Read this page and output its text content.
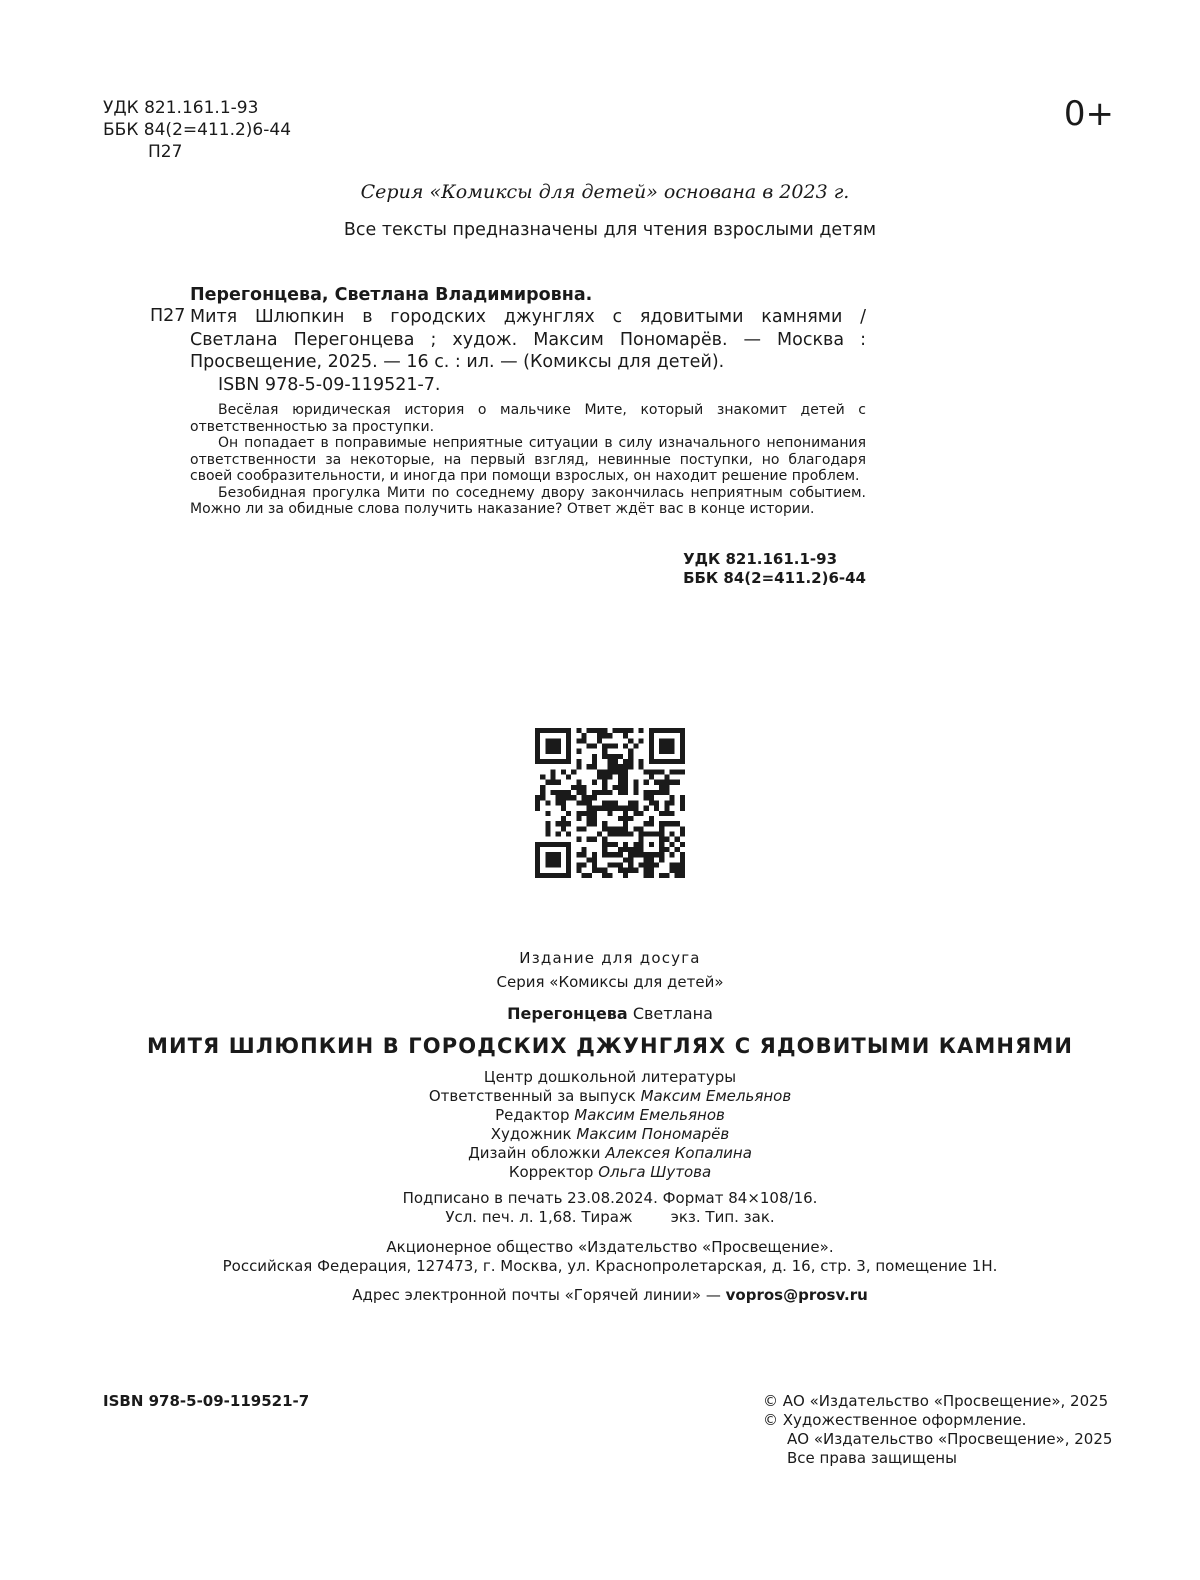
УДК 821.161.1-93
ББК 84(2=411.2)6-44
П27
0+
Серия «Комиксы для детей» основана в 2023 г.
Все тексты предназначены для чтения взрослыми детям
Перегонцева, Светлана Владимировна.
П27 Митя Шлюпкин в городских джунглях с ядовитыми камнями /
Светлана Перегонцева ; худож. Максим Пономарёв. — Москва :
Просвещение, 2025. — 16 с. : ил. — (Комиксы для детей).
ISBN 978-5-09-119521-7.

Весёлая юридическая история о мальчике Мите, который знакомит детей с ответственностью за проступки.

Он попадает в поправимые неприятные ситуации в силу изначального непонимания ответственности за некоторые, на первый взгляд, невинные поступки, но благодаря своей сообразительности, и иногда при помощи взрослых, он находит решение проблем.

Безобидная прогулка Мити по соседнему двору закончилась неприятным событием. Можно ли за обидные слова получить наказание? Ответ ждёт вас в конце истории.

УДК 821.161.1-93
ББК 84(2=411.2)6-44
Издание для досуга
Серия «Комиксы для детей»
Перегонцева Светлана
МИТЯ ШЛЮПКИН В ГОРОДСКИХ ДЖУНГЛЯХ С ЯДОВИТЫМИ КАМНЯМИ
Центр дошкольной литературы
Ответственный за выпуск Максим Емельянов
Редактор Максим Емельянов
Художник Максим Пономарёв
Дизайн обложки Алексея Копалина
Корректор Ольга Шутова
Подписано в печать 23.08.2024. Формат 84×108/16.
Усл. печ. л. 1,68. Тираж        экз. Тип. зак.
Акционерное общество «Издательство «Просвещение».
Российская Федерация, 127473, г. Москва, ул. Краснопролетарская, д. 16, стр. 3, помещение 1Н.
Адрес электронной почты «Горячей линии» — vopros@prosv.ru
ISBN 978-5-09-119521-7	© АО «Издательство «Просвещение», 2025
© Художественное оформление.
АО «Издательство «Просвещение», 2025
Все права защищены
